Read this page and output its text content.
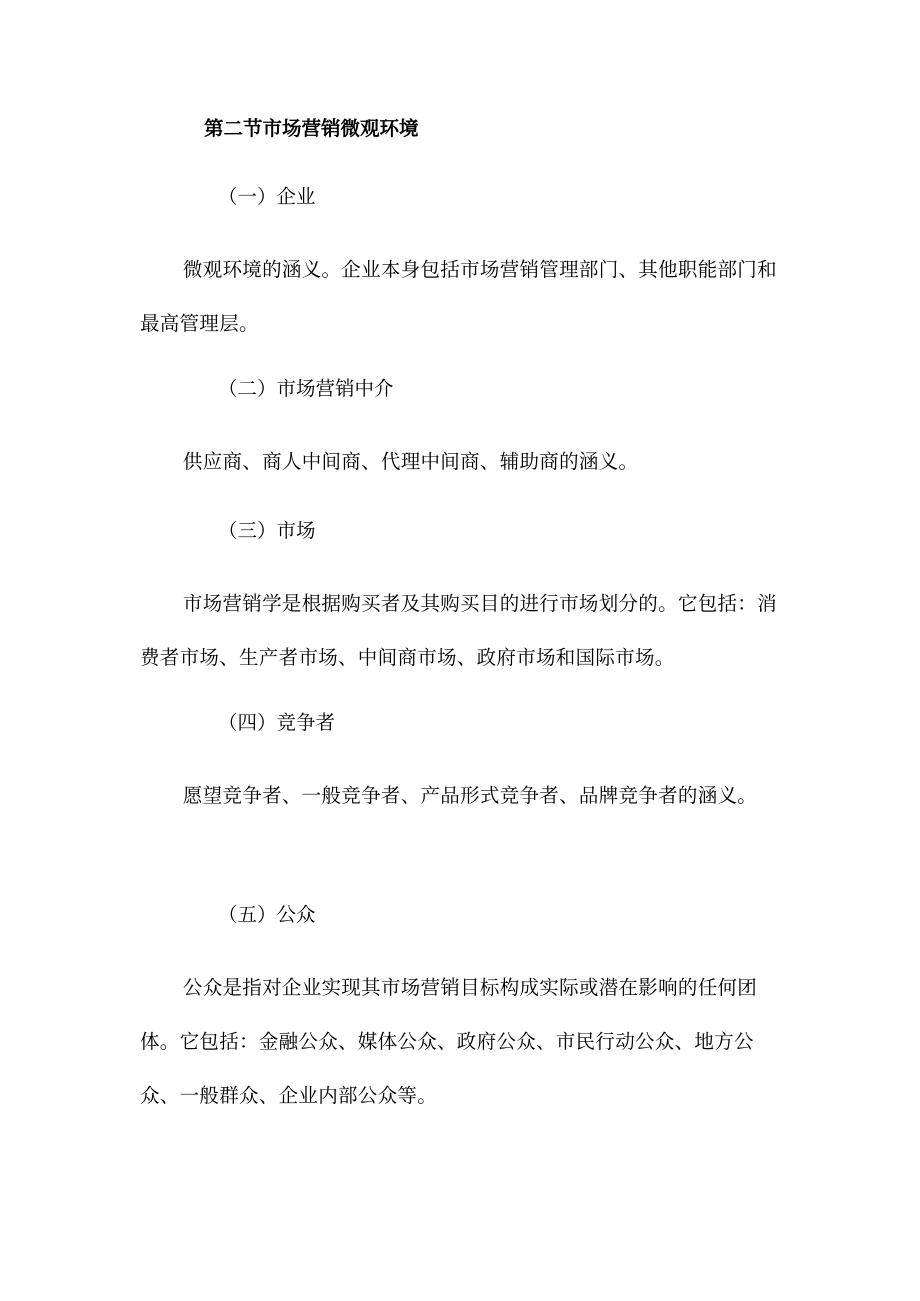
第二节市场营销微观环境

（一）企业

微观环境的涵义。企业本身包括市场营销管理部门、其他职能部门和最高管理层。

（二）市场营销中介

供应商、商人中间商、代理中间商、辅助商的涵义。

（三）市场

市场营销学是根据购买者及其购买目的进行市场划分的。它包括：消费者市场、生产者市场、中间商市场、政府市场和国际市场。

（四）竞争者

愿望竞争者、一般竞争者、产品形式竞争者、品牌竞争者的涵义。

（五）公众

公众是指对企业实现其市场营销目标构成实际或潜在影响的任何团体。它包括：金融公众、媒体公众、政府公众、市民行动公众、地方公众、一般群众、企业内部公众等。
